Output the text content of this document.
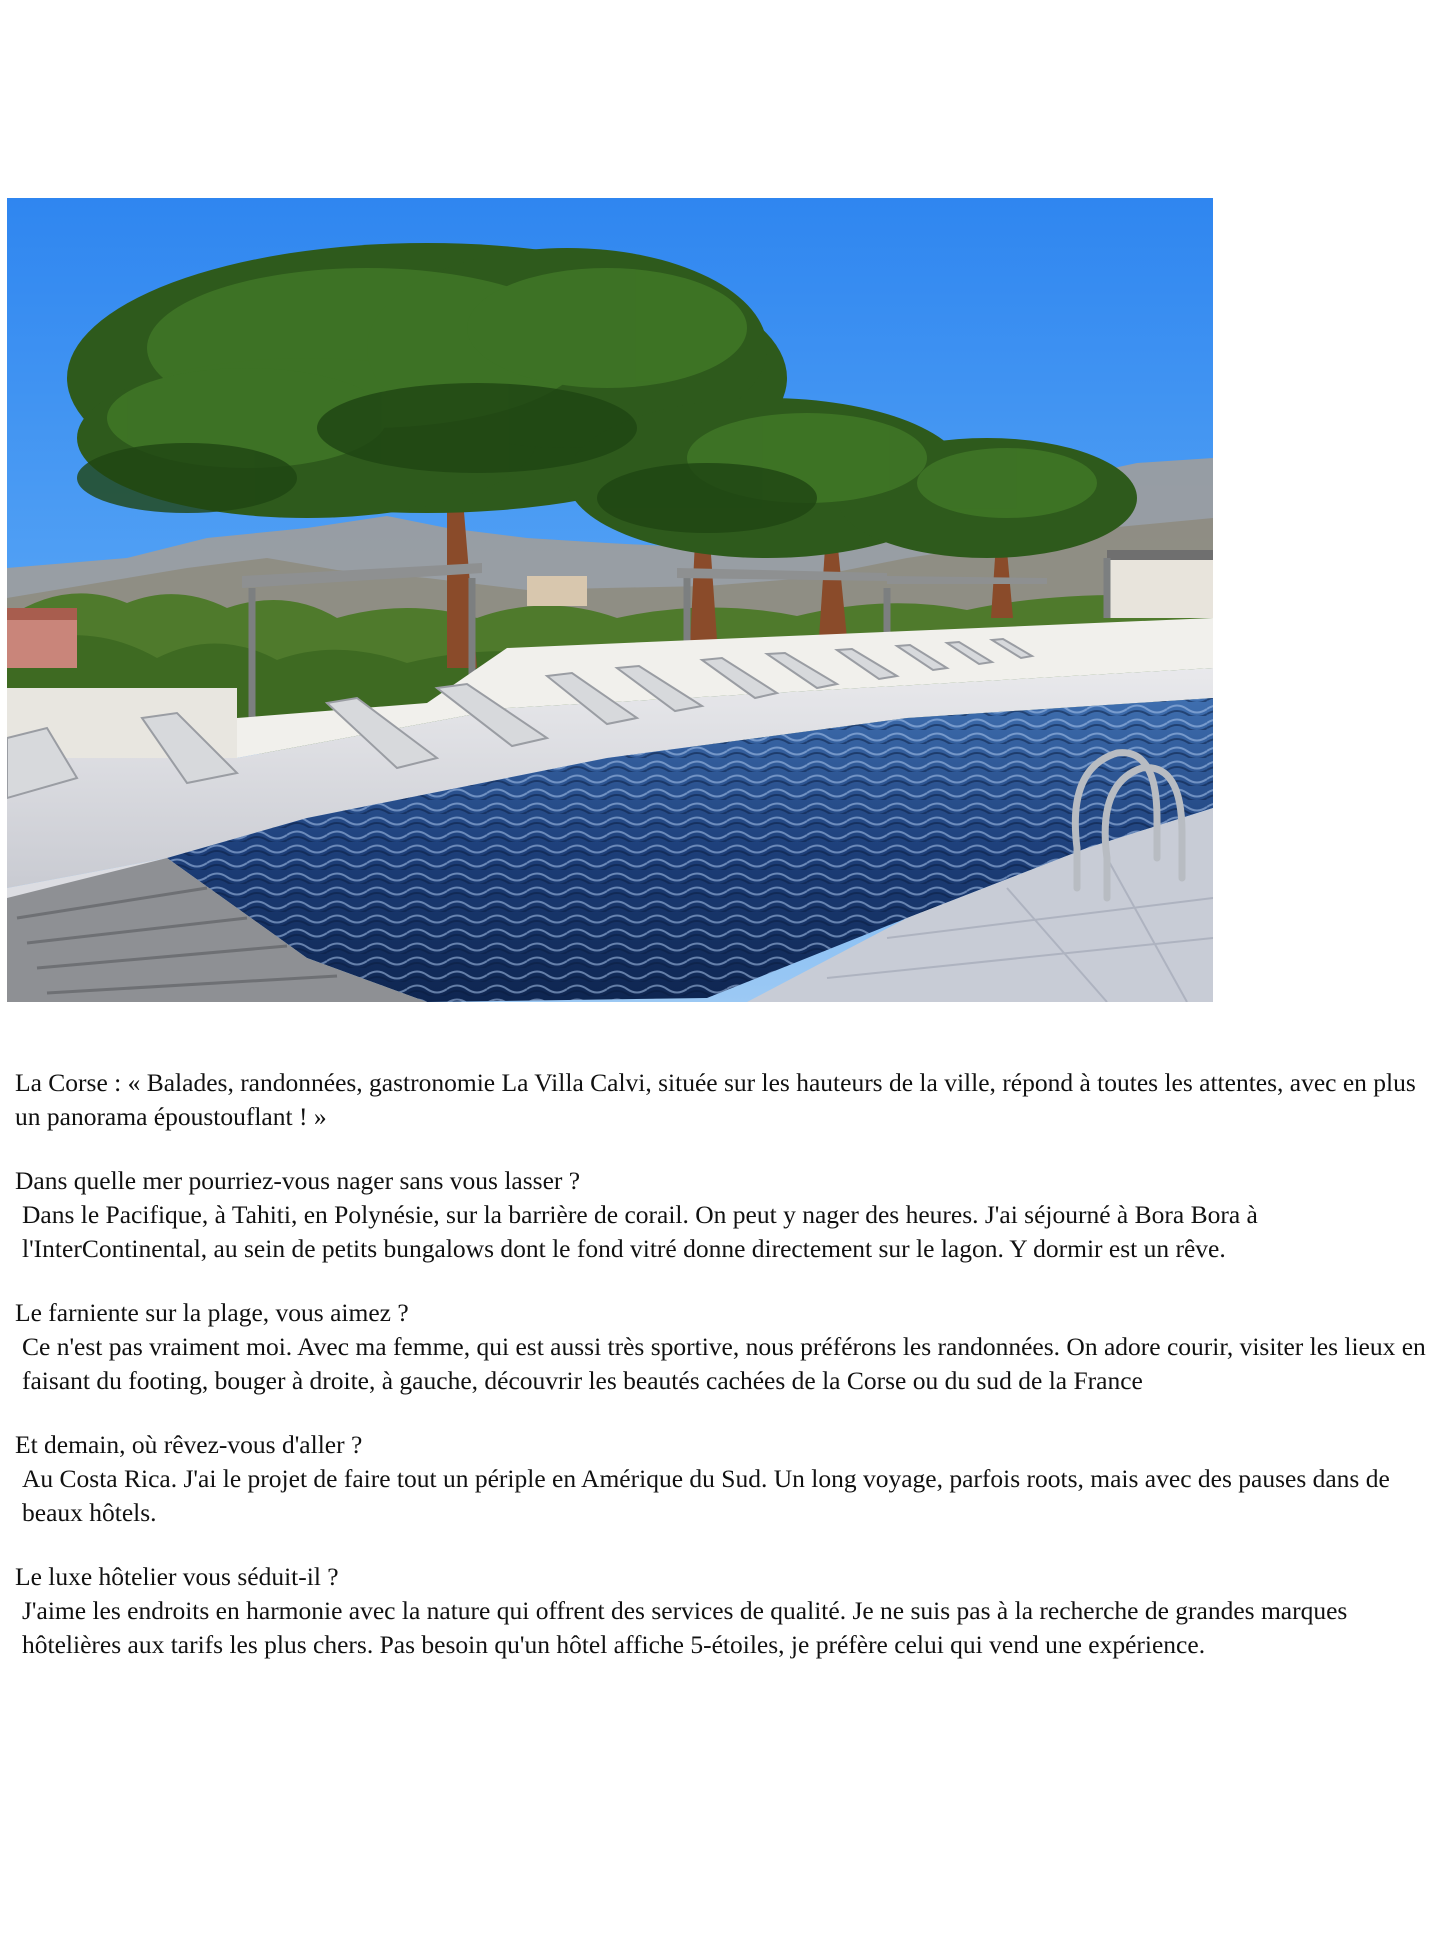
La Corse : « Balades, randonnées, gastronomie La Villa Calvi, située sur les hauteurs de la ville, répond à toutes les attentes, avec en plus un panorama époustouflant ! »

Dans quelle mer pourriez-vous nager sans vous lasser ?

Dans le Pacifique, à Tahiti, en Polynésie, sur la barrière de corail. On peut y nager des heures. J'ai séjourné à Bora Bora à l'InterContinental, au sein de petits bungalows dont le fond vitré donne directement sur le lagon. Y dormir est un rêve.

Le farniente sur la plage, vous aimez ?

Ce n'est pas vraiment moi. Avec ma femme, qui est aussi très sportive, nous préférons les randonnées. On adore courir, visiter les lieux en faisant du footing, bouger à droite, à gauche, découvrir les beautés cachées de la Corse ou du sud de la France

Et demain, où rêvez-vous d'aller ?

Au Costa Rica. J'ai le projet de faire tout un périple en Amérique du Sud. Un long voyage, parfois roots, mais avec des pauses dans de beaux hôtels.

Le luxe hôtelier vous séduit-il ?

J'aime les endroits en harmonie avec la nature qui offrent des services de qualité. Je ne suis pas à la recherche de grandes marques hôtelières aux tarifs les plus chers. Pas besoin qu'un hôtel affiche 5-étoiles, je préfère celui qui vend une expérience.
